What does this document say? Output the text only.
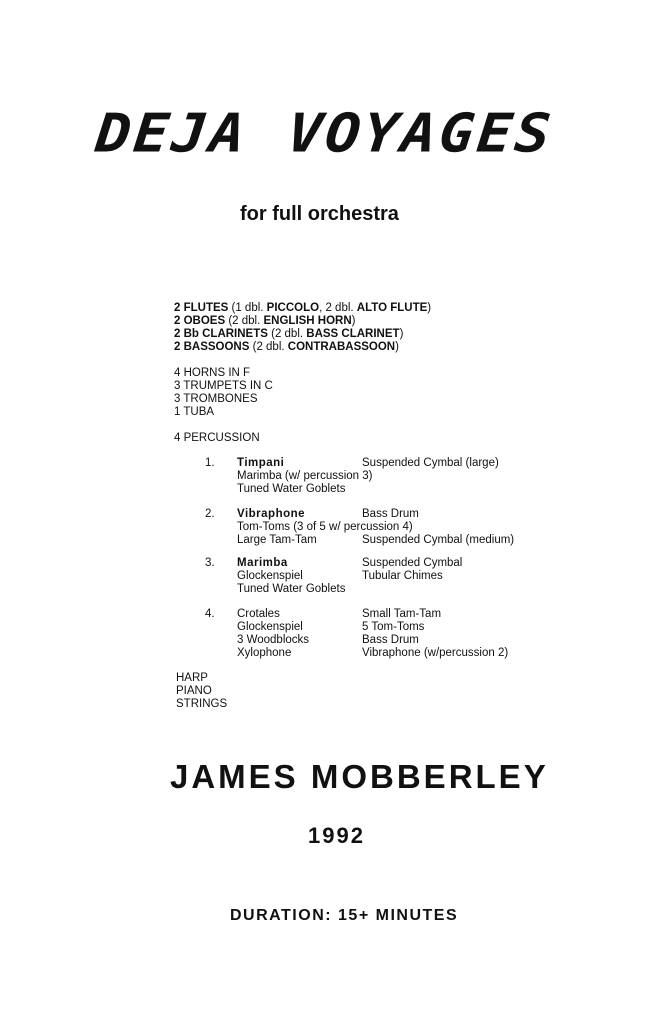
DEJA VOYAGES
for full orchestra
2 FLUTES (1 dbl. PICCOLO, 2 dbl. ALTO FLUTE)
2 OBOES (2 dbl. ENGLISH HORN)
2 Bb CLARINETS (2 dbl. BASS CLARINET)
2 BASSOONS (2 dbl. CONTRABASSOON)
4 HORNS IN F
3 TRUMPETS IN C
3 TROMBONES
1 TUBA
4 PERCUSSION
1. Timpani
Marimba (w/ percussion 3)
Tuned Water Goblets
Suspended Cymbal (large)
2. Vibraphone
Tom-Toms (3 of 5 w/ percussion 4)
Large Tam-Tam
Bass Drum
Suspended Cymbal (medium)
3. Marimba
Glockenspiel
Tuned Water Goblets
Suspended Cymbal
Tubular Chimes
4. Crotales
Glockenspiel
3 Woodblocks
Xylophone
Small Tam-Tam
5 Tom-Toms
Bass Drum
Vibraphone (w/percussion 2)
HARP
PIANO
STRINGS
JAMES MOBBERLEY
1992
DURATION: 15+ MINUTES
